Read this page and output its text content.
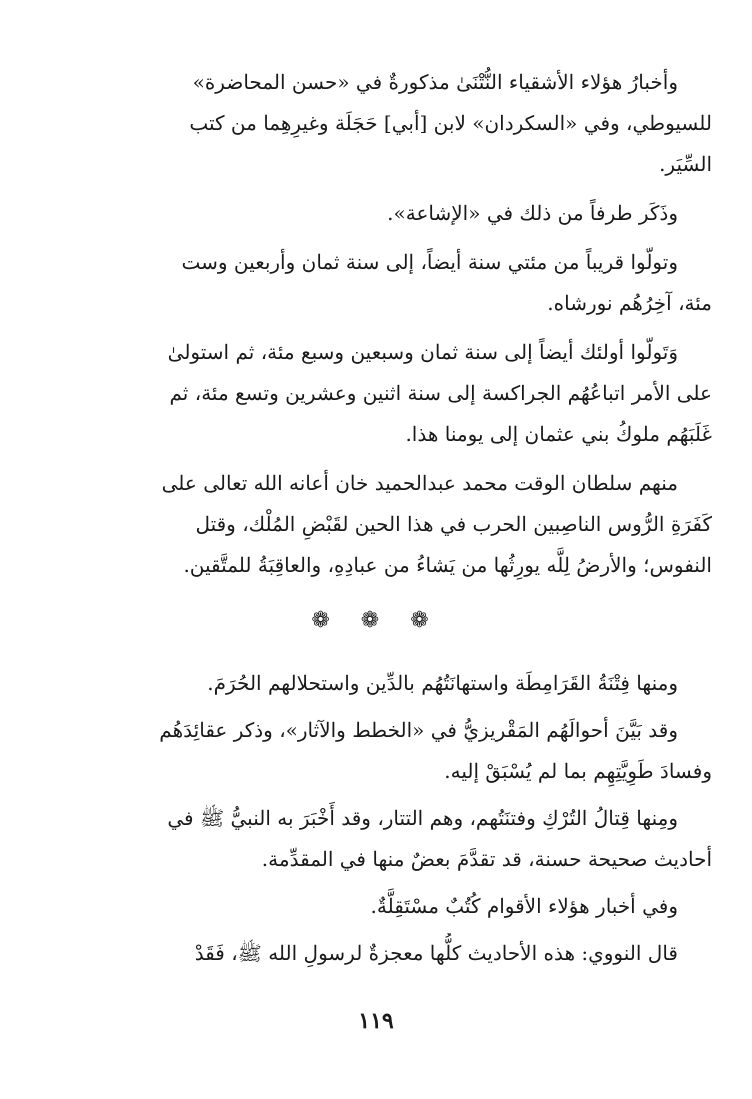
وأخبارُ هؤلاء الأشقياء النُّتْنَىٰ مذكورةٌ في «حسن المحاضرة»
للسيوطي، وفي «السكردان» لابن [أبي] حَجَلَة وغيرِهِما من كتب
السِّيَر.
وذَكَر طرفاً من ذلك في «الإشاعة».
وتولّوا قريباً من مئتي سنة أيضاً، إلى سنة ثمان وأربعين وست
مئة، آخِرُهُم نورشاه.
وَتَولّوا أولئك أيضاً إلى سنة ثمان وسبعين وسبع مئة، ثم استولىٰ
على الأمر اتباعُهُم الجراكسة إلى سنة اثنين وعشرين وتسع مئة، ثم
غَلَبَهُم ملوكُ بني عثمان إلى يومنا هذا.
منهم سلطان الوقت محمد عبدالحميد خان أعانه الله تعالى على
كَفَرَةِ الرُّوس الناصِبين الحرب في هذا الحين لقَبْضِ المُلْك، وقتل
النفوس؛ والأرضُ لِلَّه يورِثُها من يَشاءُ من عبادِهِ، والعاقِبَةُ للمتَّقين.
❁ ❁ ❁
ومنها فِتْنَةُ القَرَامِطَة واستهانَتُهُم بالدِّين واستحلالهم الحُرَمَ.
وقد بَيَّنَ أحوالَهُم المَقْريزيُّ في «الخطط والآثار»، وذكر عقائِدَهُم
وفسادَ طَوِيَّتِهِم بما لم يُسْبَقْ إليه.
ومِنها قِتالُ التُرْكِ وفتنَتُهم، وهم التتار، وقد أَخْبَرَ به النبيُّ ﷺ في
أحاديث صحيحة حسنة، قد تقدَّمَ بعضٌ منها في المقدِّمة.
وفي أخبار هؤلاء الأقوام كُتُبٌ مسْتَقِلَّةٌ.
قال النووي: هذه الأحاديث كلُّها معجزةٌ لرسولِ الله ﷺ، فَقَدْ
١١٩
